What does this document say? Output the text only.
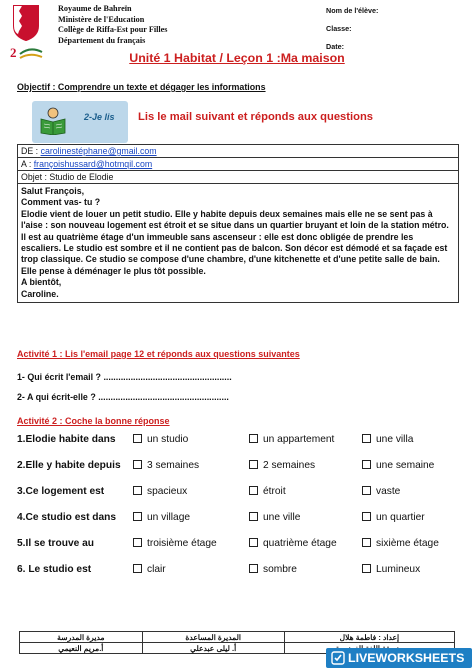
2
Royaume de Bahreïn
Ministère de l'Education
Collège de Riffa-Est pour Filles
Département du français
Nom de l'élève:
Classe:
Date:
Unité 1 Habitat / Leçon 1 :Ma maison
Objectif : Comprendre un texte et dégager les informations
2-Je lis Lis le mail suivant et réponds aux questions
DE : carolinestéphane@gmail.com
A : françoishussard@hotmqil.com
Objet : Studio de Elodie

Salut François,
Comment vas- tu ?
Elodie vient de louer un petit studio. Elle y habite depuis deux semaines mais elle ne se sent pas à l'aise : son nouveau logement est étroit et se situe dans un quartier bruyant et loin de la station métro.
Il est au quatrième étage d'un immeuble sans ascenseur : elle est donc obligée de prendre les escaliers. Le studio est sombre et il ne contient pas de balcon. Son décor est démodé et sa façade est trop classique. Ce studio se compose d'une chambre, d'une kitchenette et d'une petite salle de bain.
Elle pense à déménager le plus tôt possible.
A bientôt,
Caroline.
Activité 1 : Lis l'email page 12 et réponds aux questions suivantes
1- Qui écrit l'email ? ....................................................
2- A qui écrit-elle ? .....................................................
Activité 2 : Coche la bonne réponse
1.Elodie habite dans	un studio	un appartement	une villa
2.Elle y habite depuis	3 semaines	2 semaines	une semaine
3.Ce logement est	spacieux	étroit	vaste
4.Ce studio est dans	un village	une ville	un quartier
5.Il se trouve au	troisième étage	quatrième étage	sixième étage
6. Le studio est	clair	sombre	Lumineux
مديرة المدرسة	المديرة المساعدة	إعداد : فاطمة هلال
أ.مريم النعيمي	أ. ليلى عبدعلي	
LIVEWORKSHEETS
